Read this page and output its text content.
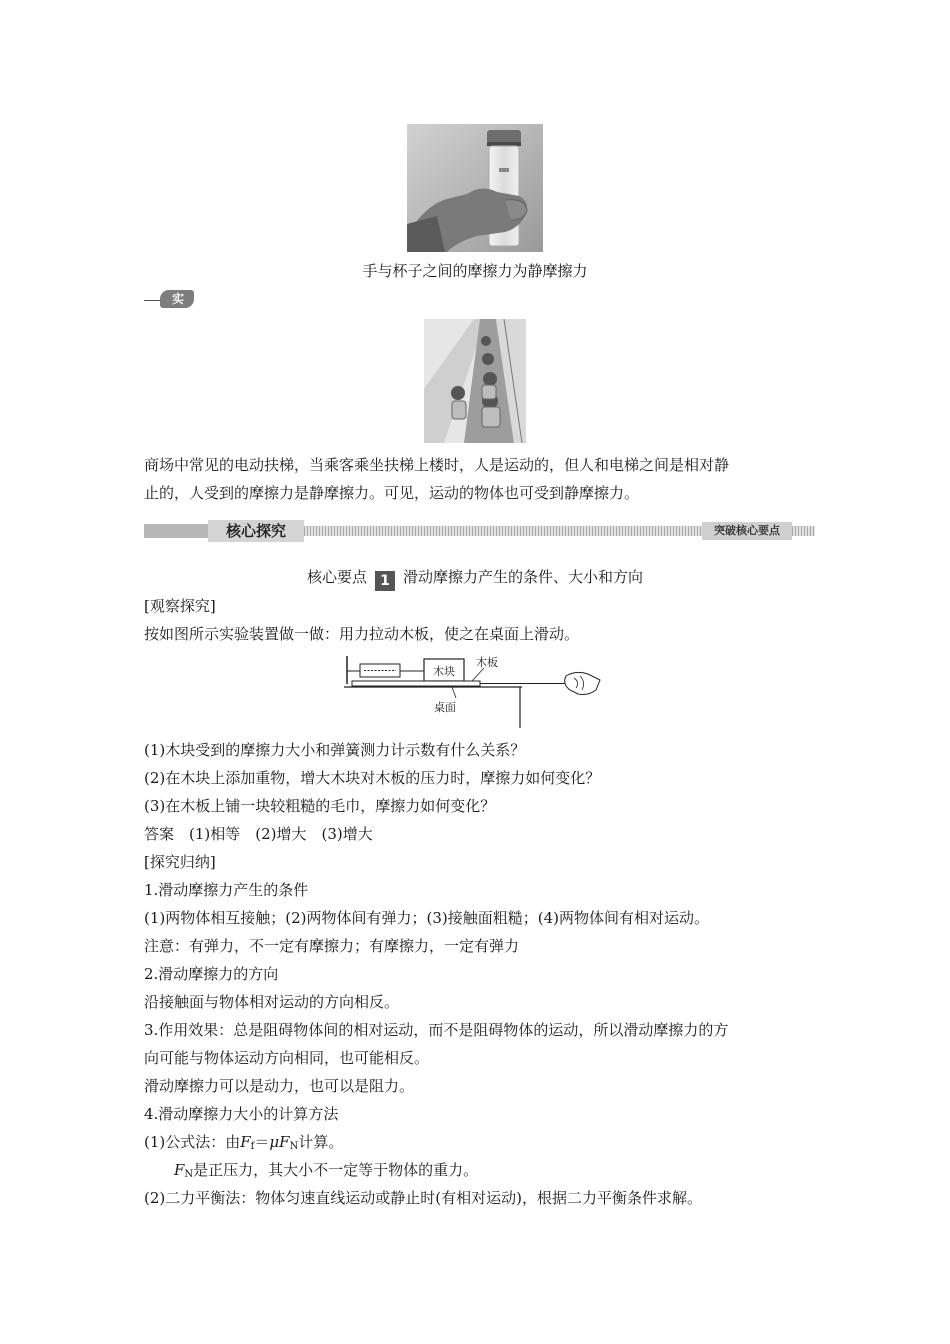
手与杯子之间的摩擦力为静摩擦力
实例
商场中常见的电动扶梯，当乘客乘坐扶梯上楼时，人是运动的，但人和电梯之间是相对静
止的，人受到的摩擦力是静摩擦力。可见，运动的物体也可受到静摩擦力。
核心探究	突破核心要点
核心要点 1 滑动摩擦力产生的条件、大小和方向
[观察探究]
按如图所示实验装置做一做：用力拉动木板，使之在桌面上滑动。
木块
木板
桌面
(1)木块受到的摩擦力大小和弹簧测力计示数有什么关系？
(2)在木块上添加重物，增大木块对木板的压力时，摩擦力如何变化？
(3)在木板上铺一块较粗糙的毛巾，摩擦力如何变化？
答案　(1)相等　(2)增大　(3)增大
[探究归纳]
1.滑动摩擦力产生的条件
(1)两物体相互接触；(2)两物体间有弹力；(3)接触面粗糙；(4)两物体间有相对运动。
注意：有弹力，不一定有摩擦力；有摩擦力，一定有弹力
2.滑动摩擦力的方向
沿接触面与物体相对运动的方向相反。
3.作用效果：总是阻碍物体间的相对运动，而不是阻碍物体的运动，所以滑动摩擦力的方
向可能与物体运动方向相同，也可能相反。
滑动摩擦力可以是动力，也可以是阻力。
4.滑动摩擦力大小的计算方法
(1)公式法：由$F_f=\mu F_N$计算。
$F_N$是正压力，其大小不一定等于物体的重力。
(2)二力平衡法：物体匀速直线运动或静止时(有相对运动)，根据二力平衡条件求解。
